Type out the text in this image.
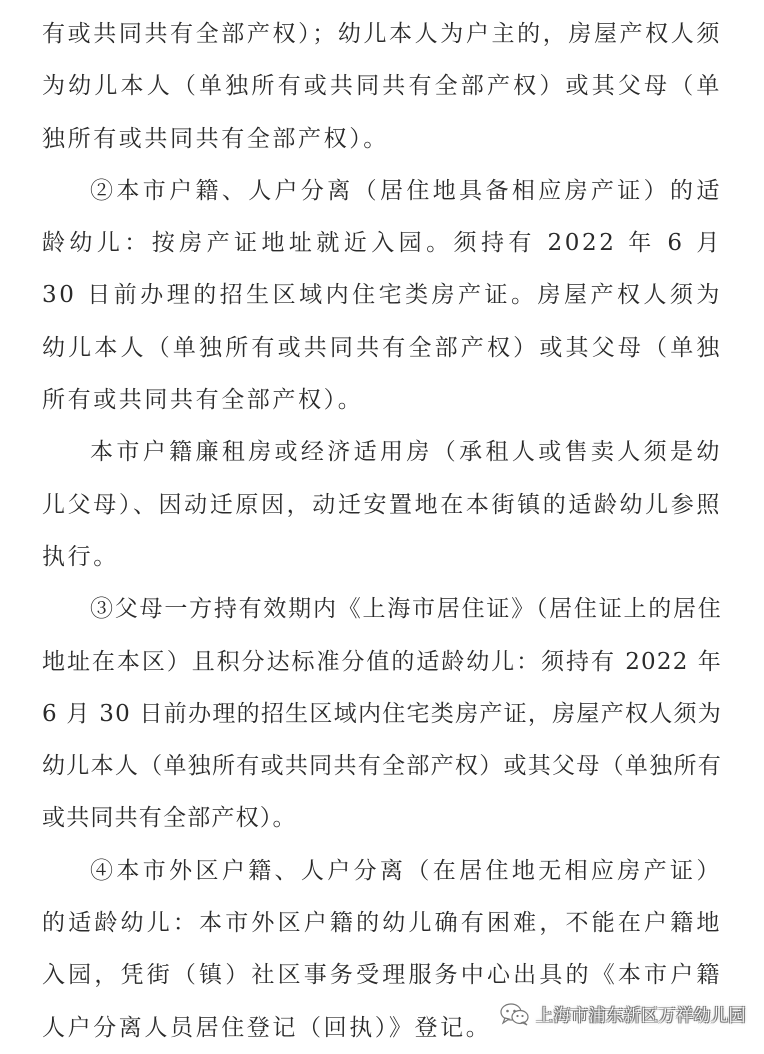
有或共同共有全部产权）；幼儿本人为户主的，房屋产权人须为幼儿本人（单独所有或共同共有全部产权）或其父母（单独所有或共同共有全部产权）。

②本市户籍、人户分离（居住地具备相应房产证）的适龄幼儿：按房产证地址就近入园。须持有 2022 年 6 月 30 日前办理的招生区域内住宅类房产证。房屋产权人须为幼儿本人（单独所有或共同共有全部产权）或其父母（单独所有或共同共有全部产权）。

本市户籍廉租房或经济适用房（承租人或售卖人须是幼儿父母）、因动迁原因，动迁安置地在本街镇的适龄幼儿参照执行。

③父母一方持有效期内《上海市居住证》（居住证上的居住地址在本区）且积分达标准分值的适龄幼儿：须持有 2022 年 6 月 30 日前办理的招生区域内住宅类房产证，房屋产权人须为幼儿本人（单独所有或共同共有全部产权）或其父母（单独所有或共同共有全部产权）。

④本市外区户籍、人户分离（在居住地无相应房产证）的适龄幼儿：本市外区户籍的幼儿确有困难，不能在户籍地入园，凭街（镇）社区事务受理服务中心出具的《本市户籍人户分离人员居住登记（回执）》登记。	上海市浦东新区万祥幼儿园
